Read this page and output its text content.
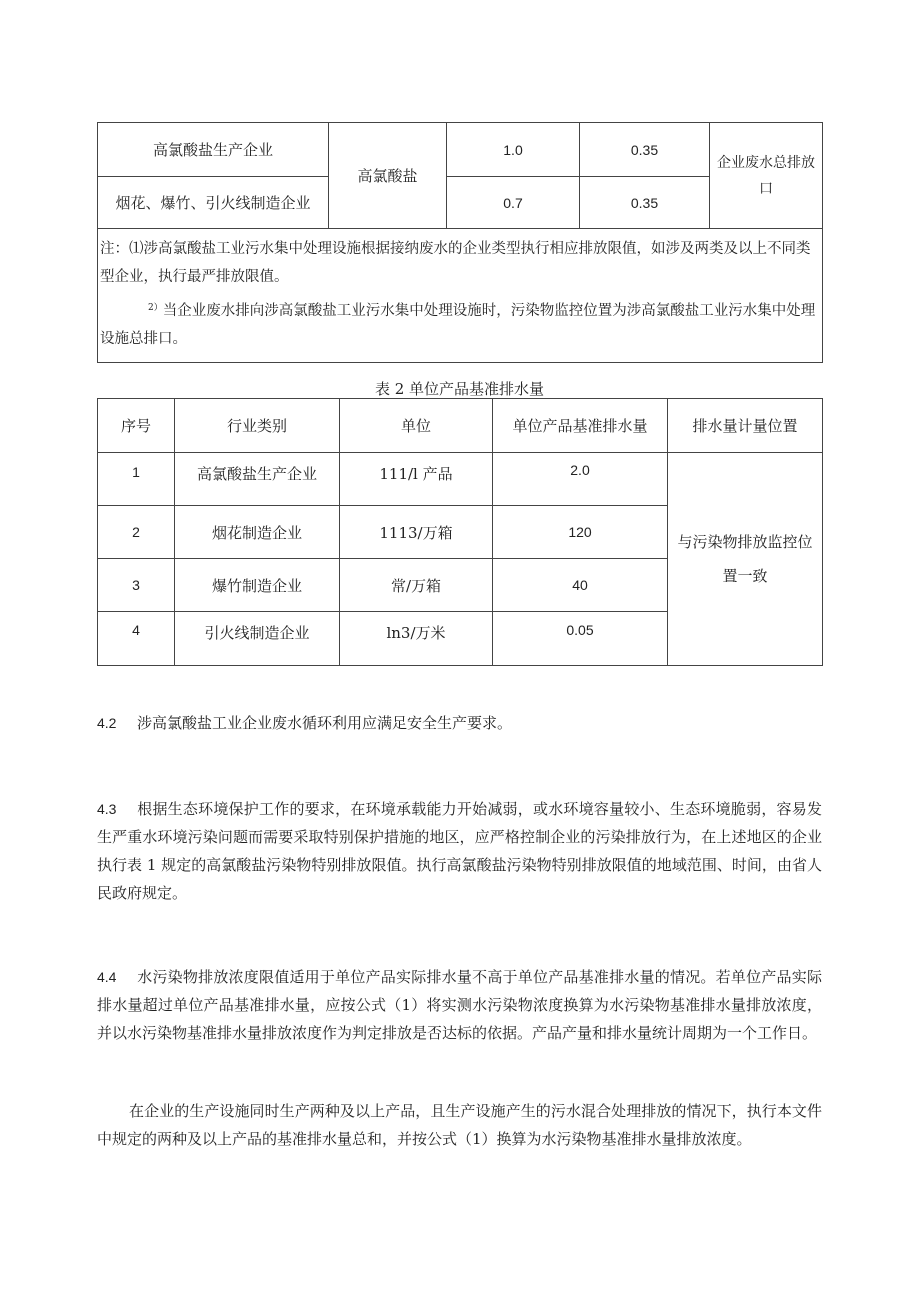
高氯酸盐生产企业	高氯酸盐	1.0	0.35	企业废水总排放口
烟花、爆竹、引火线制造企业		0.7	0.35	

注：⑴涉高氯酸盐工业污水集中处理设施根据接纳废水的企业类型执行相应排放限值，如涉及两类及以上不同类型企业，执行最严排放限值。

$^{2)}$当企业废水排向涉高氯酸盐工业污水集中处理设施时，污染物监控位置为涉高氯酸盐工业污水集中处理设施总排口。				

表 2 单位产品基准排水量
序号	行业类别	单位	单位产品基准排水量	排水量计量位置
1	高氯酸盐生产企业	111/l 产品	2.0	与污染物排放监控位置一致
2	烟花制造企业	1113/万箱	120	
3	爆竹制造企业	常/万箱	40	
4	引火线制造企业	ln3/万米	0.05	
4.2 涉高氯酸盐工业企业废水循环利用应满足安全生产要求。
4.3 根据生态环境保护工作的要求，在环境承载能力开始减弱，或水环境容量较小、生态环境脆弱，容易发生严重水环境污染问题而需要采取特别保护措施的地区，应严格控制企业的污染排放行为，在上述地区的企业执行表 1 规定的高氯酸盐污染物特别排放限值。执行高氯酸盐污染物特别排放限值的地域范围、时间，由省人民政府规定。
4.4 水污染物排放浓度限值适用于单位产品实际排水量不高于单位产品基准排水量的情况。若单位产品实际排水量超过单位产品基准排水量，应按公式（1）将实测水污染物浓度换算为水污染物基准排水量排放浓度，并以水污染物基准排水量排放浓度作为判定排放是否达标的依据。产品产量和排水量统计周期为一个工作日。
在企业的生产设施同时生产两种及以上产品，且生产设施产生的污水混合处理排放的情况下，执行本文件中规定的两种及以上产品的基准排水量总和，并按公式（1）换算为水污染物基准排水量排放浓度。
